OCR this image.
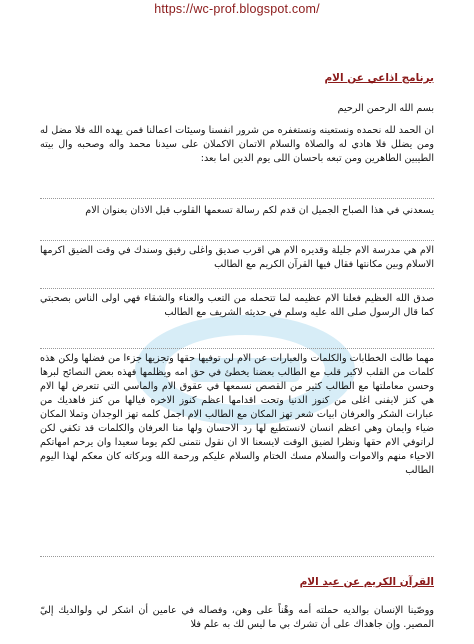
https://wc-prof.blogspot.com/
برنامج اذاعي عن الام
بسم الله الرحمن الرحيم
ان الحمد لله نحمده ونستعينه ونستغفره من شرور انفسنا وسيئات اعمالنا فمن يهده الله فلا مضل له ومن يضلل فلا هادي له والصلاة والسلام الاتمان الاكملان على سيدنا محمد واله وصحبه وال بيته الطيبين الطاهرين ومن تبعه باحسان اللى يوم الدين اما بعد:
يسعدني في هذا الصباح الجميل ان قدم لكم رسالة تسعمها القلوب قبل الاذان بعنوان الام
الام هي مدرسة الام جليلة وقديره الام هي اقرب صديق واغلى رفيق وسندك في وقت الضيق اكرمها الاسلام وبين مكانتها فقال فيها القرآن الكريم مع الطالب
صدق الله العظيم فعلنا الام عظيمه لما تتحمله من التعب والعناء والشقاء فهي اولى الناس بصحبتي كما قال الرسول صلى الله عليه وسلم في حديثه الشريف مع الطالب
مهما طالت الخطابات والكلمات والعبارات عن الام لن توفيها حقها وتجزيها جزءا من فضلها ولكن هذه كلمات من القلب لاكبر قلب مع الطالب بعضنا يخطئ في حق امه ويظلمها فهذه بعض النصائح لبرها وحسن معاملتها مع الطالب كثير من القصص نسمعها في عقوق الام والماسي التي تتعرض لها الام هي كنز لايفنى اغلى من كنوز الدنيا وتحت اقدامها اعظم كنوز الاخره فيالها من كنز فاهديك من عبارات الشكر والعرفان ابيات شعر تهز المكان مع الطالب الام اجمل كلمه تهز الوجدان وتملا المكان ضياء وايمان وهي اعظم انسان لانستطيع لها رد الاحسان ولها منا العرفان والكلمات قد تكفي لكن لراتوفي الام حقها ونظرا لضيق الوقت لايسعنا الا ان نقول نتمنى لكم يوما سعيدا وان يرحم امهاتكم الاحياء منهم والاموات والسلام مسك الختام والسلام عليكم ورحمة الله وبركاته كان معكم لهذا اليوم الطالب
القرآن الكريم عن عيد الام
ووصّينا الإنسان بوالديه حملته أمه وهْناً على وهن، وفصاله في عامين أن اشكر لي ولوالديك إليّ المصير. وإن جاهداك على أن تشرك بي ما ليس لك به علم فلا
